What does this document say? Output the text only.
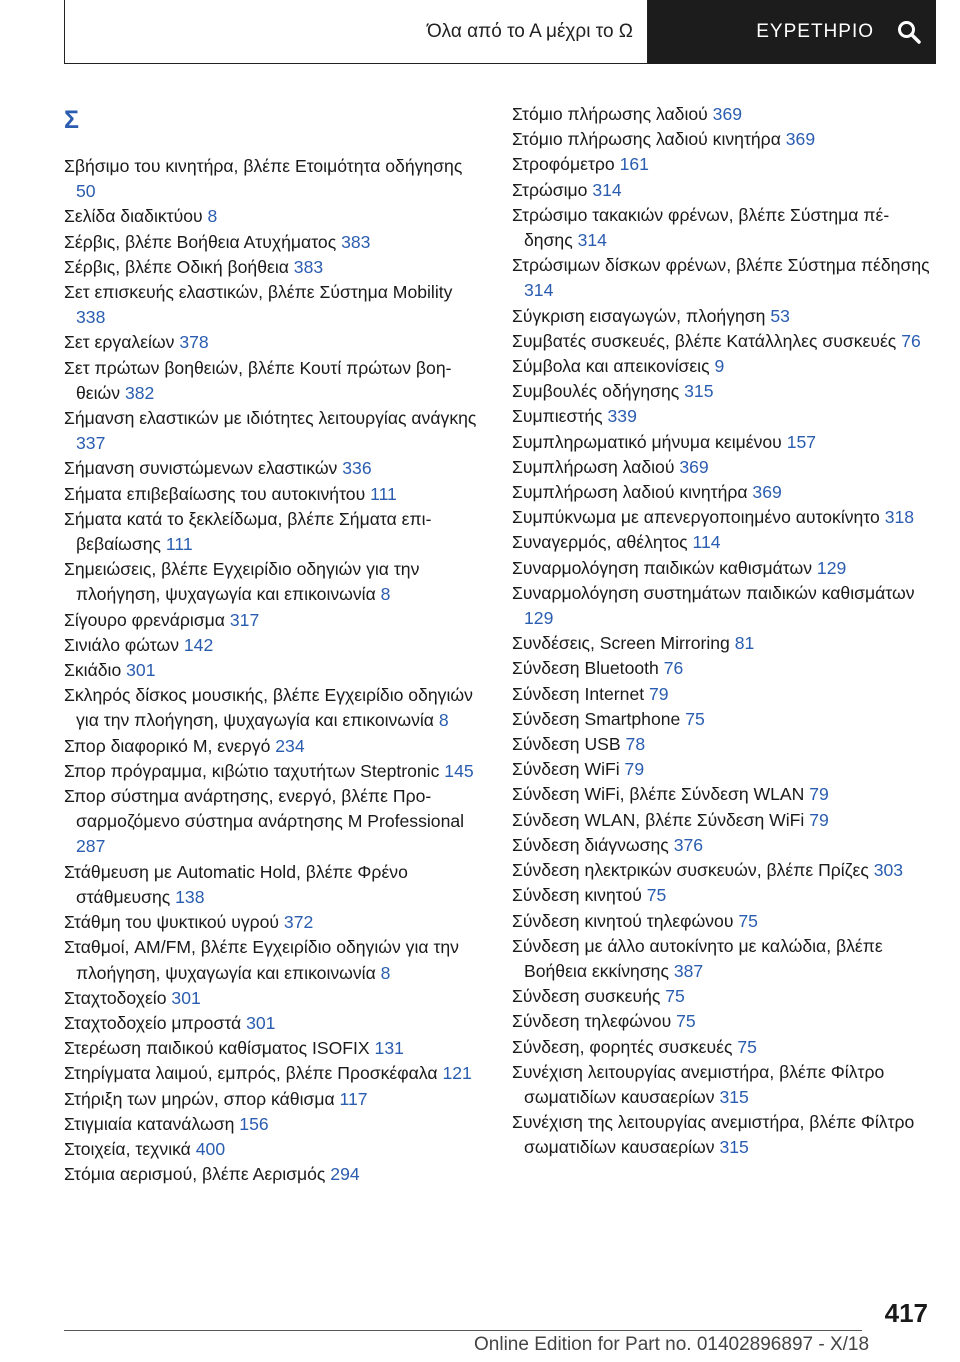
Όλα από το Α μέχρι το Ω	ΕΥΡΕΤΗΡΙΟ
Σ
Σβήσιμο του κινητήρα, βλέπε Ετοιμότητα οδήγησης 50
Σελίδα διαδικτύου 8
Σέρβις, βλέπε Βοήθεια Ατυχήματος 383
Σέρβις, βλέπε Οδική βοήθεια 383
Σετ επισκευής ελαστικών, βλέπε Σύστημα Mobility 338
Σετ εργαλείων 378
Σετ πρώτων βοηθειών, βλέπε Κουτί πρώτων βοηθειών 382
Σήμανση ελαστικών με ιδιότητες λειτουργίας ανάγκης 337
Σήμανση συνιστώμενων ελαστικών 336
Σήματα επιβεβαίωσης του αυτοκινήτου 111
Σήματα κατά το ξεκλείδωμα, βλέπε Σήματα επιβεβαίωσης 111
Σημειώσεις, βλέπε Εγχειρίδιο οδηγιών για την πλοήγηση, ψυχαγωγία και επικοινωνία 8
Σίγουρο φρενάρισμα 317
Σινιάλο φώτων 142
Σκιάδιο 301
Σκληρός δίσκος μουσικής, βλέπε Εγχειρίδιο οδηγιών για την πλοήγηση, ψυχαγωγία και επικοινωνία 8
Σπορ διαφορικό M, ενεργό 234
Σπορ πρόγραμμα, κιβώτιο ταχυτήτων Steptronic 145
Σπορ σύστημα ανάρτησης, ενεργό, βλέπε Προσαρμοζόμενο σύστημα ανάρτησης M Professional 287
Στάθμευση με Automatic Hold, βλέπε Φρένο στάθμευσης 138
Στάθμη του ψυκτικού υγρού 372
Σταθμοί, AM/FM, βλέπε Εγχειρίδιο οδηγιών για την πλοήγηση, ψυχαγωγία και επικοινωνία 8
Σταχτοδοχείο 301
Σταχτοδοχείο μπροστά 301
Στερέωση παιδικού καθίσματος ISOFIX 131
Στηρίγματα λαιμού, εμπρός, βλέπε Προσκέφαλα 121
Στήριξη των μηρών, σπορ κάθισμα 117
Στιγμιαία κατανάλωση 156
Στοιχεία, τεχνικά 400
Στόμια αερισμού, βλέπε Αερισμός 294
Στόμιο πλήρωσης λαδιού 369
Στόμιο πλήρωσης λαδιού κινητήρα 369
Στροφόμετρο 161
Στρώσιμο 314
Στρώσιμο τακακιών φρένων, βλέπε Σύστημα πέδησης 314
Στρώσιμων δίσκων φρένων, βλέπε Σύστημα πέδησης 314
Σύγκριση εισαγωγών, πλοήγηση 53
Συμβατές συσκευές, βλέπε Κατάλληλες συσκευές 76
Σύμβολα και απεικονίσεις 9
Συμβουλές οδήγησης 315
Συμπιεστής 339
Συμπληρωματικό μήνυμα κειμένου 157
Συμπλήρωση λαδιού 369
Συμπλήρωση λαδιού κινητήρα 369
Συμπύκνωμα με απενεργοποιημένο αυτοκίνητο 318
Συναγερμός, αθέλητος 114
Συναρμολόγηση παιδικών καθισμάτων 129
Συναρμολόγηση συστημάτων παιδικών καθισμάτων 129
Συνδέσεις, Screen Mirroring 81
Σύνδεση Bluetooth 76
Σύνδεση Internet 79
Σύνδεση Smartphone 75
Σύνδεση USB 78
Σύνδεση WiFi 79
Σύνδεση WiFi, βλέπε Σύνδεση WLAN 79
Σύνδεση WLAN, βλέπε Σύνδεση WiFi 79
Σύνδεση διάγνωσης 376
Σύνδεση ηλεκτρικών συσκευών, βλέπε Πρίζες 303
Σύνδεση κινητού 75
Σύνδεση κινητού τηλεφώνου 75
Σύνδεση με άλλο αυτοκίνητο με καλώδια, βλέπε Βοήθεια εκκίνησης 387
Σύνδεση συσκευής 75
Σύνδεση τηλεφώνου 75
Σύνδεση, φορητές συσκευές 75
Συνέχιση λειτουργίας ανεμιστήρα, βλέπε Φίλτρο σωματιδίων καυσαερίων 315
Συνέχιση της λειτουργίας ανεμιστήρα, βλέπε Φίλτρο σωματιδίων καυσαερίων 315
417
Online Edition for Part no. 01402896897 - X/18
